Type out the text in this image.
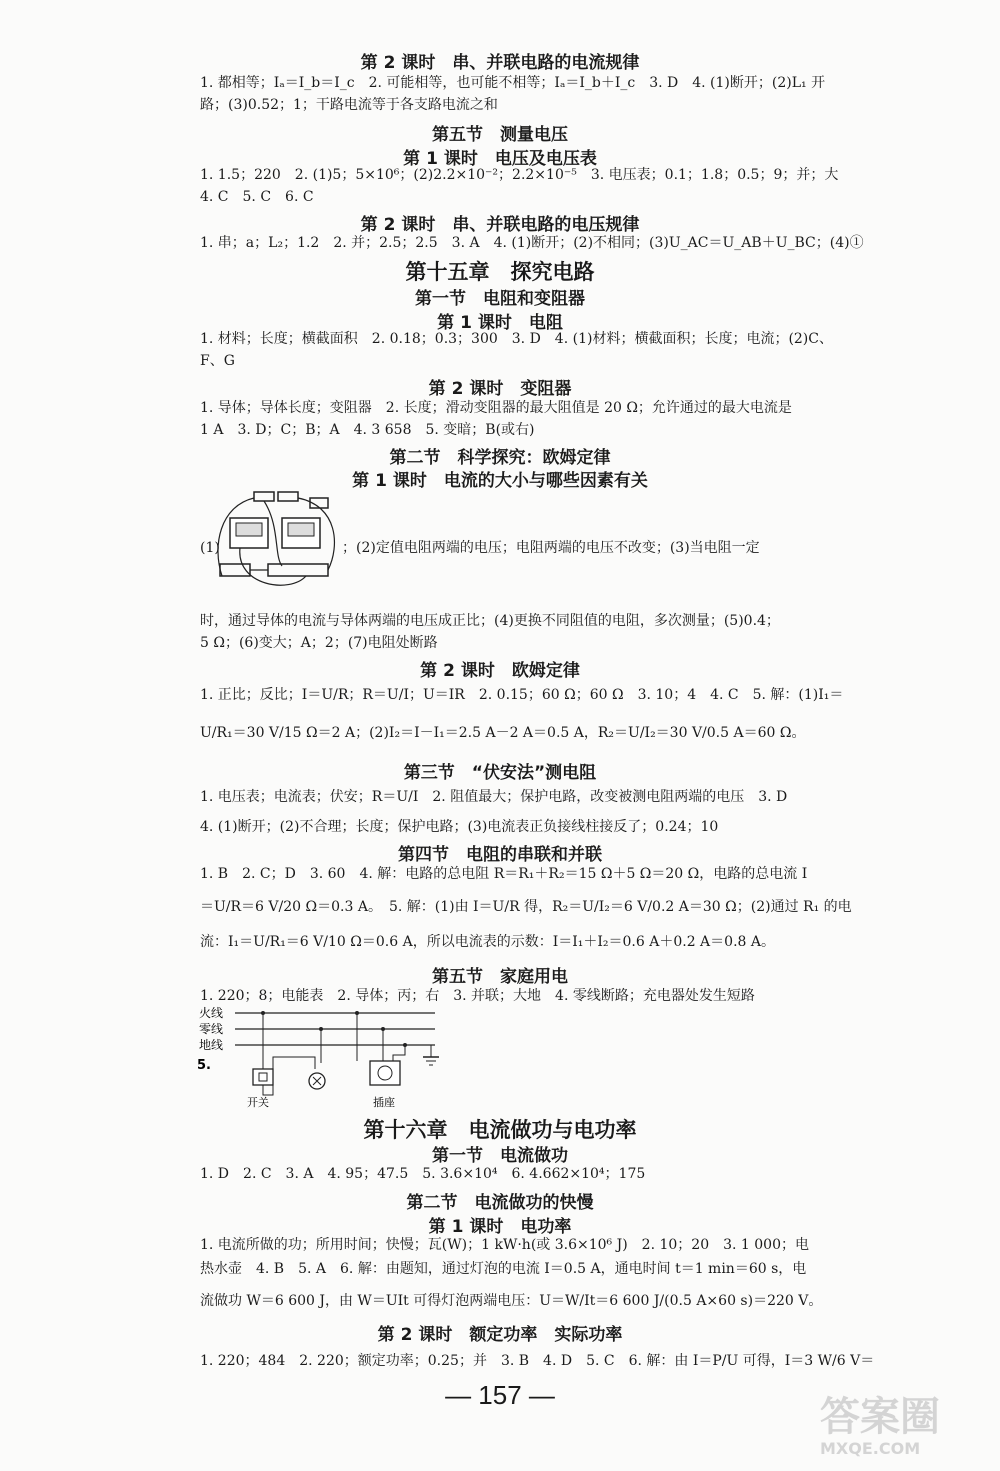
第 2 课时　串、并联电路的电流规律
1. 都相等；Iₐ＝I_b＝I_c　2. 可能相等，也可能不相等；Iₐ＝I_b＋I_c　3. D　4. (1)断开；(2)L₁ 开
路；(3)0.52；1；干路电流等于各支路电流之和
第五节　测量电压
第 1 课时　电压及电压表
1. 1.5；220　2. (1)5；5×10⁶；(2)2.2×10⁻²；2.2×10⁻⁵　3. 电压表；0.1；1.8；0.5；9；并；大
4. C　5. C　6. C
第 2 课时　串、并联电路的电压规律
1. 串；a；L₂；1.2　2. 并；2.5；2.5　3. A　4. (1)断开；(2)不相同；(3)U_AC＝U_AB＋U_BC；(4)①
第十五章　探究电路
第一节　电阻和变阻器
第 1 课时　电阻
1. 材料；长度；横截面积　2. 0.18；0.3；300　3. D　4. (1)材料；横截面积；长度；电流；(2)C、
F、G
第 2 课时　变阻器
1. 导体；导体长度；变阻器　2. 长度；滑动变阻器的最大阻值是 20 Ω；允许通过的最大电流是
1 A　3. D；C；B；A　4. 3 658　5. 变暗；B(或右)
第二节　科学探究：欧姆定律
第 1 课时　电流的大小与哪些因素有关
(1)	；(2)定值电阻两端的电压；电阻两端的电压不改变；(3)当电阻一定
时，通过导体的电流与导体两端的电压成正比；(4)更换不同阻值的电阻，多次测量；(5)0.4；
5 Ω；(6)变大；A；2；(7)电阻处断路
第 2 课时　欧姆定律
1. 正比；反比；I＝U/R；R＝U/I；U＝IR　2. 0.15；60 Ω；60 Ω　3. 10；4　4. C　5. 解：(1)I₁＝
U/R₁＝30 V/15 Ω＝2 A；(2)I₂＝I－I₁＝2.5 A－2 A＝0.5 A，R₂＝U/I₂＝30 V/0.5 A＝60 Ω。
第三节　“伏安法”测电阻
1. 电压表；电流表；伏安；R＝U/I　2. 阻值最大；保护电路，改变被测电阻两端的电压　3. D
4. (1)断开；(2)不合理；长度；保护电路；(3)电流表正负接线柱接反了；0.24；10
第四节　电阻的串联和并联
1. B　2. C；D　3. 60　4. 解：电路的总电阻 R＝R₁＋R₂＝15 Ω＋5 Ω＝20 Ω，电路的总电流 I
＝U/R＝6 V/20 Ω＝0.3 A。　5. 解：(1)由 I＝U/R 得，R₂＝U/I₂＝6 V/0.2 A＝30 Ω；(2)通过 R₁ 的电
流：I₁＝U/R₁＝6 V/10 Ω＝0.6 A，所以电流表的示数：I＝I₁＋I₂＝0.6 A＋0.2 A＝0.8 A。
第五节　家庭用电
1. 220；8；电能表　2. 导体；丙；右　3. 并联；大地　4. 零线断路；充电器处发生短路
火线
零线
地线
5.
开关	插座
第十六章　电流做功与电功率
第一节　电流做功
1. D　2. C　3. A　4. 95；47.5　5. 3.6×10⁴　6. 4.662×10⁴；175
第二节　电流做功的快慢
第 1 课时　电功率
1. 电流所做的功；所用时间；快慢；瓦(W)；1 kW·h(或 3.6×10⁶ J)　2. 10；20　3. 1 000；电
热水壶　4. B　5. A　6. 解：由题知，通过灯泡的电流 I＝0.5 A，通电时间 t＝1 min＝60 s，电
流做功 W＝6 600 J，由 W＝UIt 可得灯泡两端电压：U＝W/It＝6 600 J/(0.5 A×60 s)＝220 V。
第 2 课时　额定功率　实际功率
1. 220；484　2. 220；额定功率；0.25；并　3. B　4. D　5. C　6. 解：由 I＝P/U 可得，I＝3 W/6 V＝
— 157 —	答案圈
MXQE.COM
